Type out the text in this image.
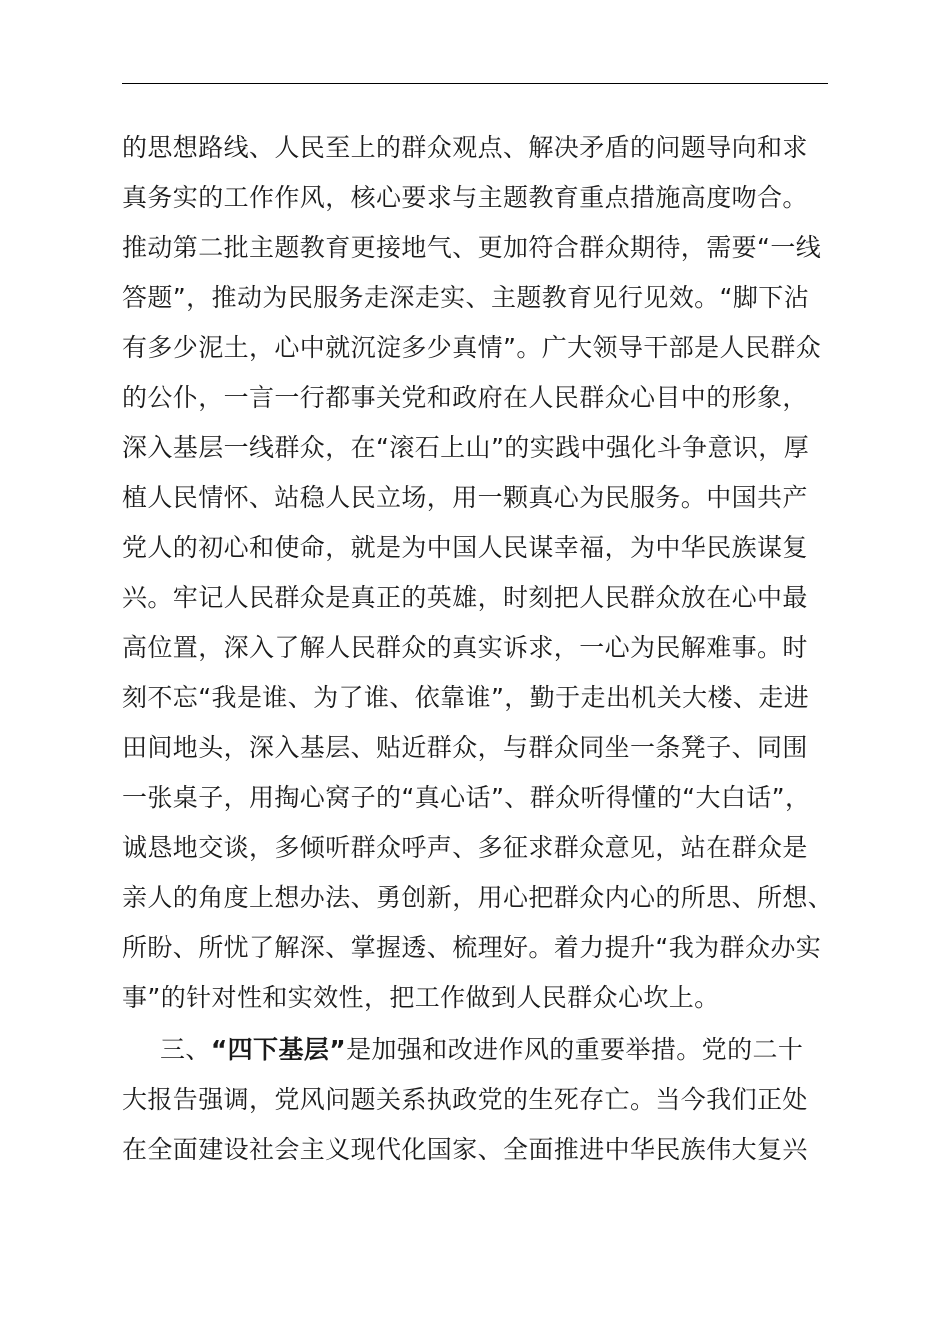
的思想路线、人民至上的群众观点、解决矛盾的问题导向和求
真务实的工作作风，核心要求与主题教育重点措施高度吻合。
推动第二批主题教育更接地气、更加符合群众期待，需要“一线
答题”，推动为民服务走深走实、主题教育见行见效。“脚下沾
有多少泥土，心中就沉淀多少真情”。广大领导干部是人民群众
的公仆，一言一行都事关党和政府在人民群众心目中的形象，
深入基层一线群众，在“滚石上山”的实践中强化斗争意识，厚
植人民情怀、站稳人民立场，用一颗真心为民服务。中国共产
党人的初心和使命，就是为中国人民谋幸福，为中华民族谋复
兴。牢记人民群众是真正的英雄，时刻把人民群众放在心中最
高位置，深入了解人民群众的真实诉求，一心为民解难事。时
刻不忘“我是谁、为了谁、依靠谁”，勤于走出机关大楼、走进
田间地头，深入基层、贴近群众，与群众同坐一条凳子、同围
一张桌子，用掏心窝子的“真心话”、群众听得懂的“大白话”，
诚恳地交谈，多倾听群众呼声、多征求群众意见，站在群众是
亲人的角度上想办法、勇创新，用心把群众内心的所思、所想、
所盼、所忧了解深、掌握透、梳理好。着力提升“我为群众办实
事”的针对性和实效性，把工作做到人民群众心坎上。
三、“四下基层”是加强和改进作风的重要举措。党的二十
大报告强调，党风问题关系执政党的生死存亡。当今我们正处
在全面建设社会主义现代化国家、全面推进中华民族伟大复兴
